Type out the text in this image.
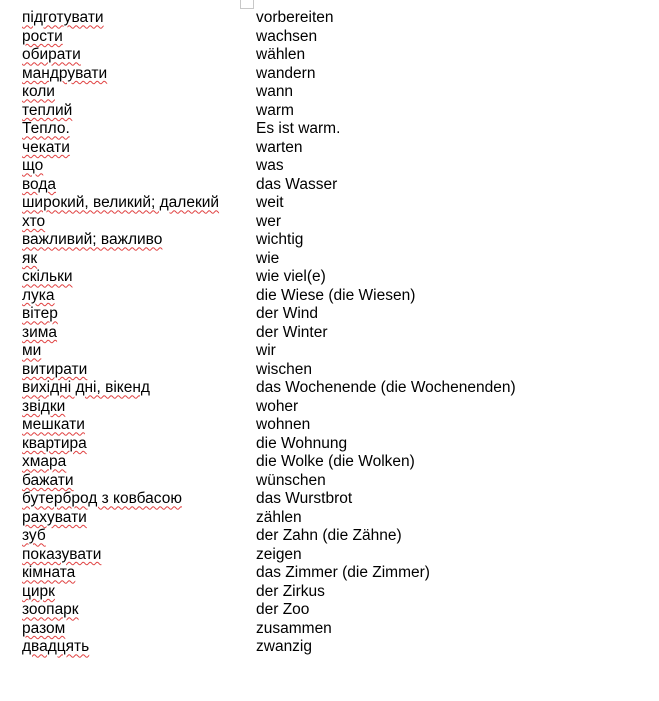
підготувати	vorbereiten
рости	wachsen
обирати	wählen
мандрувати	wandern
коли	wann
теплий	warm
Тепло.	Es ist warm.
чекати	warten
що	was
вода	das Wasser
широкий, великий; далекий	weit
хто	wer
важливий; важливо	wichtig
як	wie
скільки	wie viel(e)
лука	die Wiese (die Wiesen)
вітер	der Wind
зима	der Winter
ми	wir
витирати	wischen
вихідні дні, вікенд	das Wochenende (die Wochenenden)
звідки	woher
мешкати	wohnen
квартира	die Wohnung
хмара	die Wolke (die Wolken)
бажати	wünschen
бутерброд з ковбасою	das Wurstbrot
рахувати	zählen
зуб	der Zahn (die Zähne)
показувати	zeigen
кімната	das Zimmer (die Zimmer)
цирк	der Zirkus
зоопарк	der Zoo
разом	zusammen
двадцять	zwanzig
